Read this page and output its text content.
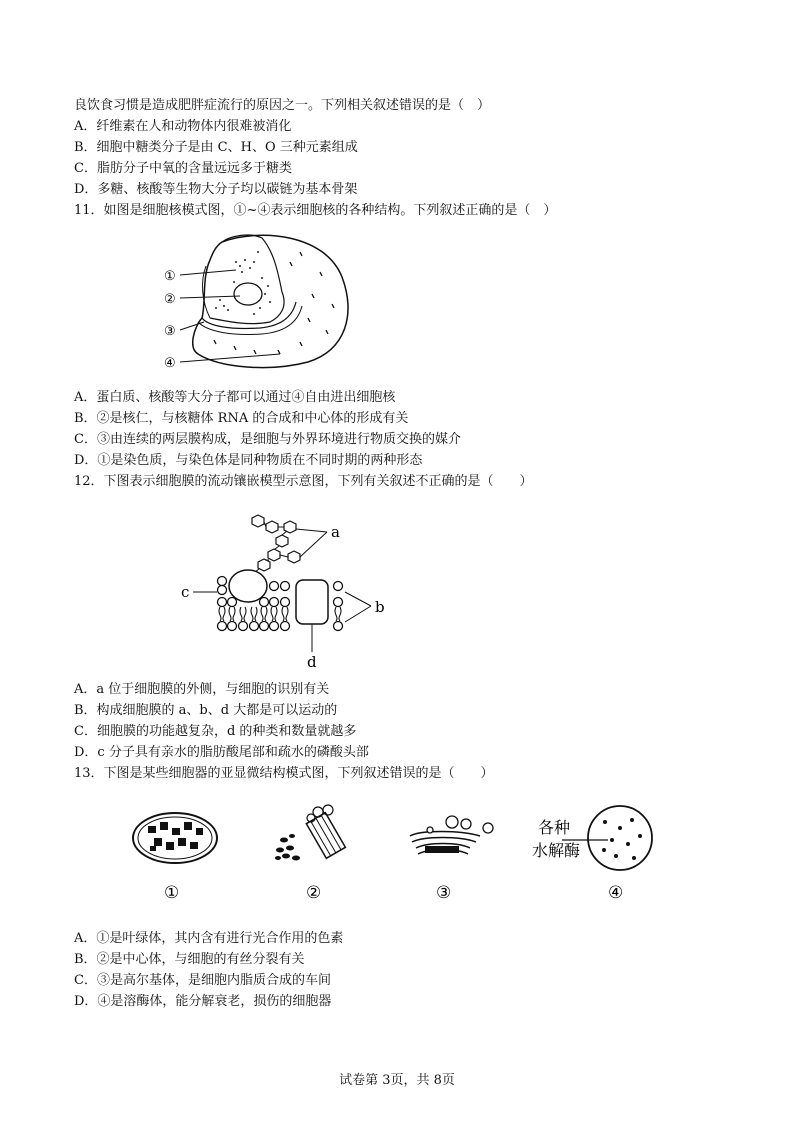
良饮食习惯是造成肥胖症流行的原因之一。下列相关叙述错误的是（　）
A．纤维素在人和动物体内很难被消化
B．细胞中糖类分子是由 C、H、O 三种元素组成
C．脂肪分子中氧的含量远远多于糖类
D．多糖、核酸等生物大分子均以碳链为基本骨架
11．如图是细胞核模式图，①~④表示细胞核的各种结构。下列叙述正确的是（　）
①
②
③
④
A．蛋白质、核酸等大分子都可以通过④自由进出细胞核
B．②是核仁，与核糖体 RNA 的合成和中心体的形成有关
C．③由连续的两层膜构成，是细胞与外界环境进行物质交换的媒介
D．①是染色质，与染色体是同种物质在不同时期的两种形态
12．下图表示细胞膜的流动镶嵌模型示意图，下列有关叙述不正确的是（　　）
a
c
b
d
A．a 位于细胞膜的外侧，与细胞的识别有关
B．构成细胞膜的 a、b、d 大都是可以运动的
C．细胞膜的功能越复杂，d 的种类和数量就越多
D．c 分子具有亲水的脂肪酸尾部和疏水的磷酸头部
13．下图是某些细胞器的亚显微结构模式图，下列叙述错误的是（　　）
①	②	③
各种
水解酶
④
A．①是叶绿体，其内含有进行光合作用的色素
B．②是中心体，与细胞的有丝分裂有关
C．③是高尔基体，是细胞内脂质合成的车间
D．④是溶酶体，能分解衰老，损伤的细胞器
试卷第 3页，共 8页
